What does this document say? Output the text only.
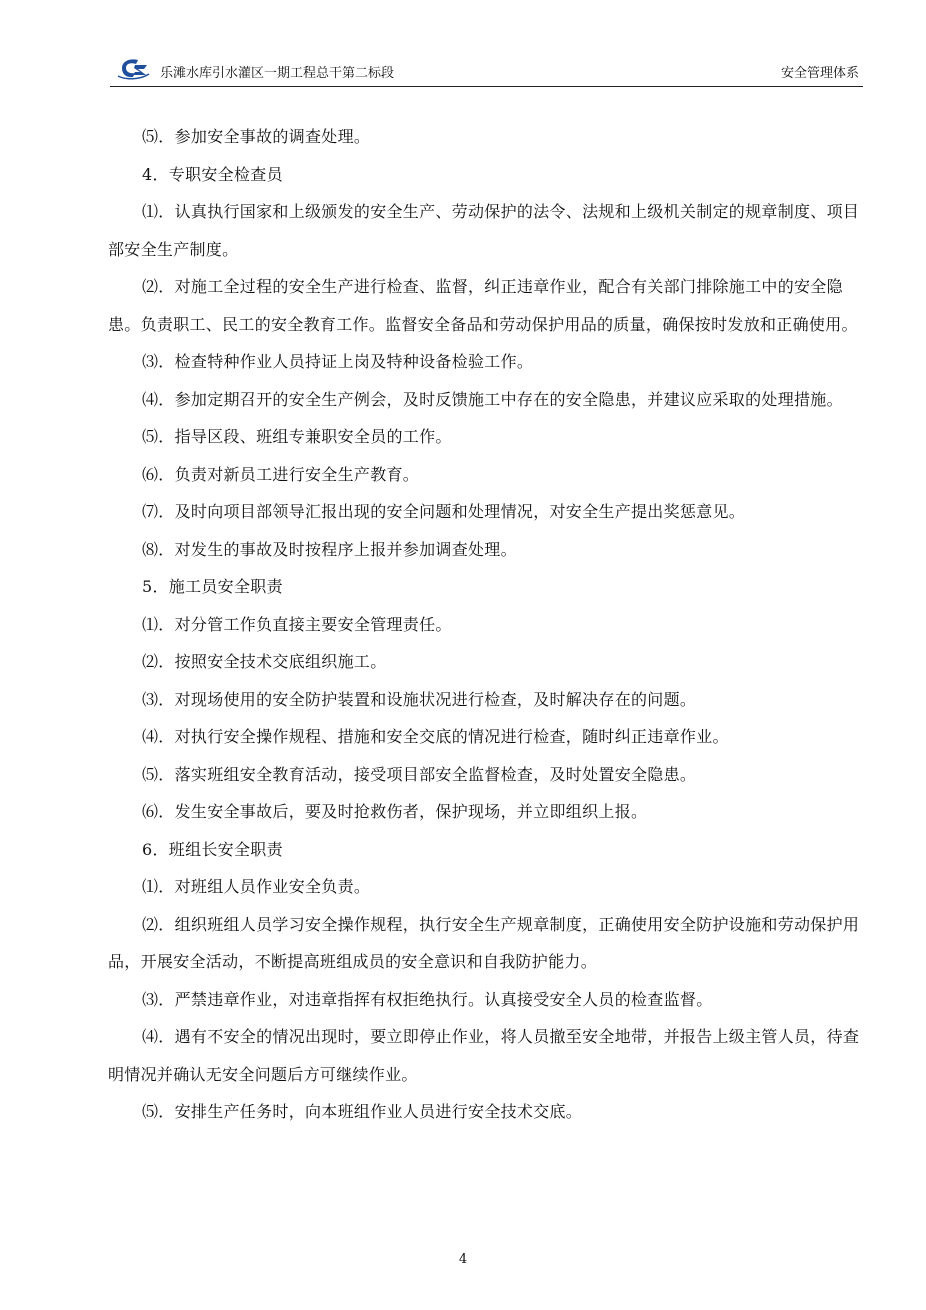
乐滩水库引水灌区一期工程总干第二标段	安全管理体系

⑸．参加安全事故的调查处理。

4．专职安全检查员

⑴．认真执行国家和上级颁发的安全生产、劳动保护的法令、法规和上级机关制定的规章制度、项目部安全生产制度。

⑵．对施工全过程的安全生产进行检查、监督，纠正违章作业，配合有关部门排除施工中的安全隐患。负责职工、民工的安全教育工作。监督安全备品和劳动保护用品的质量，确保按时发放和正确使用。

⑶．检查特种作业人员持证上岗及特种设备检验工作。

⑷．参加定期召开的安全生产例会，及时反馈施工中存在的安全隐患，并建议应采取的处理措施。

⑸．指导区段、班组专兼职安全员的工作。

⑹．负责对新员工进行安全生产教育。

⑺．及时向项目部领导汇报出现的安全问题和处理情况，对安全生产提出奖惩意见。

⑻．对发生的事故及时按程序上报并参加调查处理。

5．施工员安全职责

⑴．对分管工作负直接主要安全管理责任。

⑵．按照安全技术交底组织施工。

⑶．对现场使用的安全防护装置和设施状况进行检查，及时解决存在的问题。

⑷．对执行安全操作规程、措施和安全交底的情况进行检查，随时纠正违章作业。

⑸．落实班组安全教育活动，接受项目部安全监督检查，及时处置安全隐患。

⑹．发生安全事故后，要及时抢救伤者，保护现场，并立即组织上报。

6．班组长安全职责

⑴．对班组人员作业安全负责。

⑵．组织班组人员学习安全操作规程，执行安全生产规章制度，正确使用安全防护设施和劳动保护用品，开展安全活动，不断提高班组成员的安全意识和自我防护能力。

⑶．严禁违章作业，对违章指挥有权拒绝执行。认真接受安全人员的检查监督。

⑷．遇有不安全的情况出现时，要立即停止作业，将人员撤至安全地带，并报告上级主管人员，待查明情况并确认无安全问题后方可继续作业。

⑸．安排生产任务时，向本班组作业人员进行安全技术交底。

4
